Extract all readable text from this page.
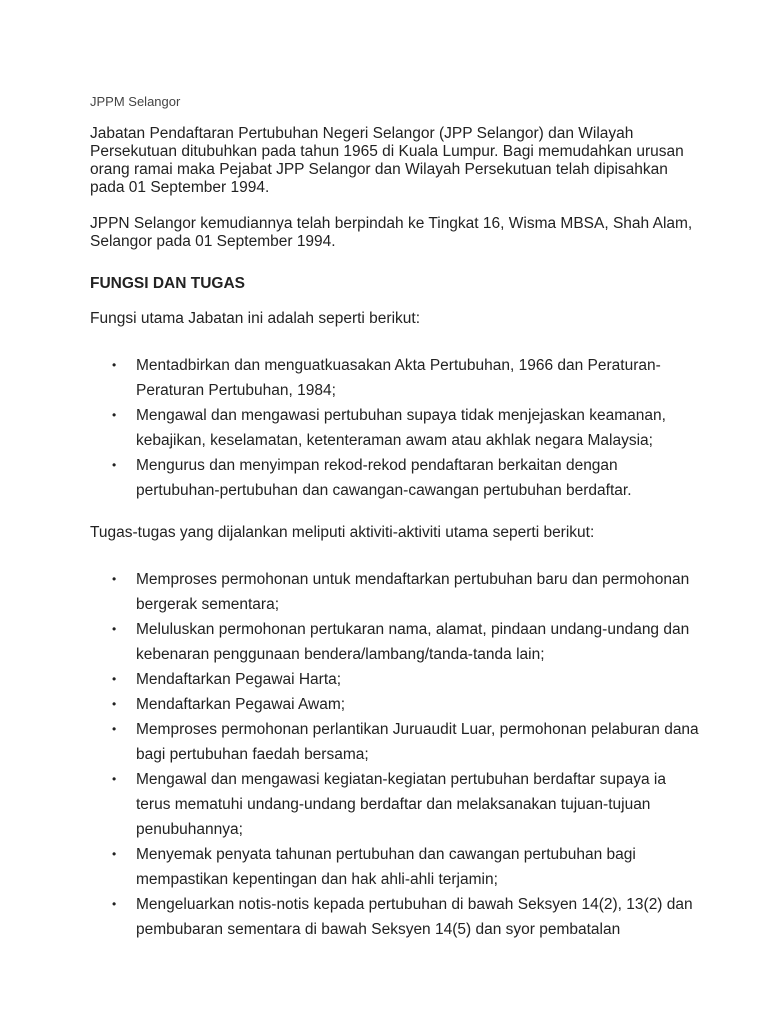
JPPM Selangor

Jabatan Pendaftaran Pertubuhan Negeri Selangor (JPP Selangor) dan Wilayah Persekutuan ditubuhkan pada tahun 1965 di Kuala Lumpur. Bagi memudahkan urusan orang ramai maka Pejabat JPP Selangor dan Wilayah Persekutuan telah dipisahkan pada 01 September 1994.

JPPN Selangor kemudiannya telah berpindah ke Tingkat 16, Wisma MBSA, Shah Alam, Selangor pada 01 September 1994.

FUNGSI DAN TUGAS

Fungsi utama Jabatan ini adalah seperti berikut:

• Mentadbirkan dan menguatkuasakan Akta Pertubuhan, 1966 dan Peraturan-Peraturan Pertubuhan, 1984;
• Mengawal dan mengawasi pertubuhan supaya tidak menjejaskan keamanan, kebajikan, keselamatan, ketenteraman awam atau akhlak negara Malaysia;
• Mengurus dan menyimpan rekod-rekod pendaftaran berkaitan dengan pertubuhan-pertubuhan dan cawangan-cawangan pertubuhan berdaftar.

Tugas-tugas yang dijalankan meliputi aktiviti-aktiviti utama seperti berikut:

• Memproses permohonan untuk mendaftarkan pertubuhan baru dan permohonan bergerak sementara;
• Meluluskan permohonan pertukaran nama, alamat, pindaan undang-undang dan kebenaran penggunaan bendera/lambang/tanda-tanda lain;
• Mendaftarkan Pegawai Harta;
• Mendaftarkan Pegawai Awam;
• Memproses permohonan perlantikan Juruaudit Luar, permohonan pelaburan dana bagi pertubuhan faedah bersama;
• Mengawal dan mengawasi kegiatan-kegiatan pertubuhan berdaftar supaya ia terus mematuhi undang-undang berdaftar dan melaksanakan tujuan-tujuan penubuhannya;
• Menyemak penyata tahunan pertubuhan dan cawangan pertubuhan bagi mempastikan kepentingan dan hak ahli-ahli terjamin;
• Mengeluarkan notis-notis kepada pertubuhan di bawah Seksyen 14(2), 13(2) dan pembubaran sementara di bawah Seksyen 14(5) dan syor pembatalan
